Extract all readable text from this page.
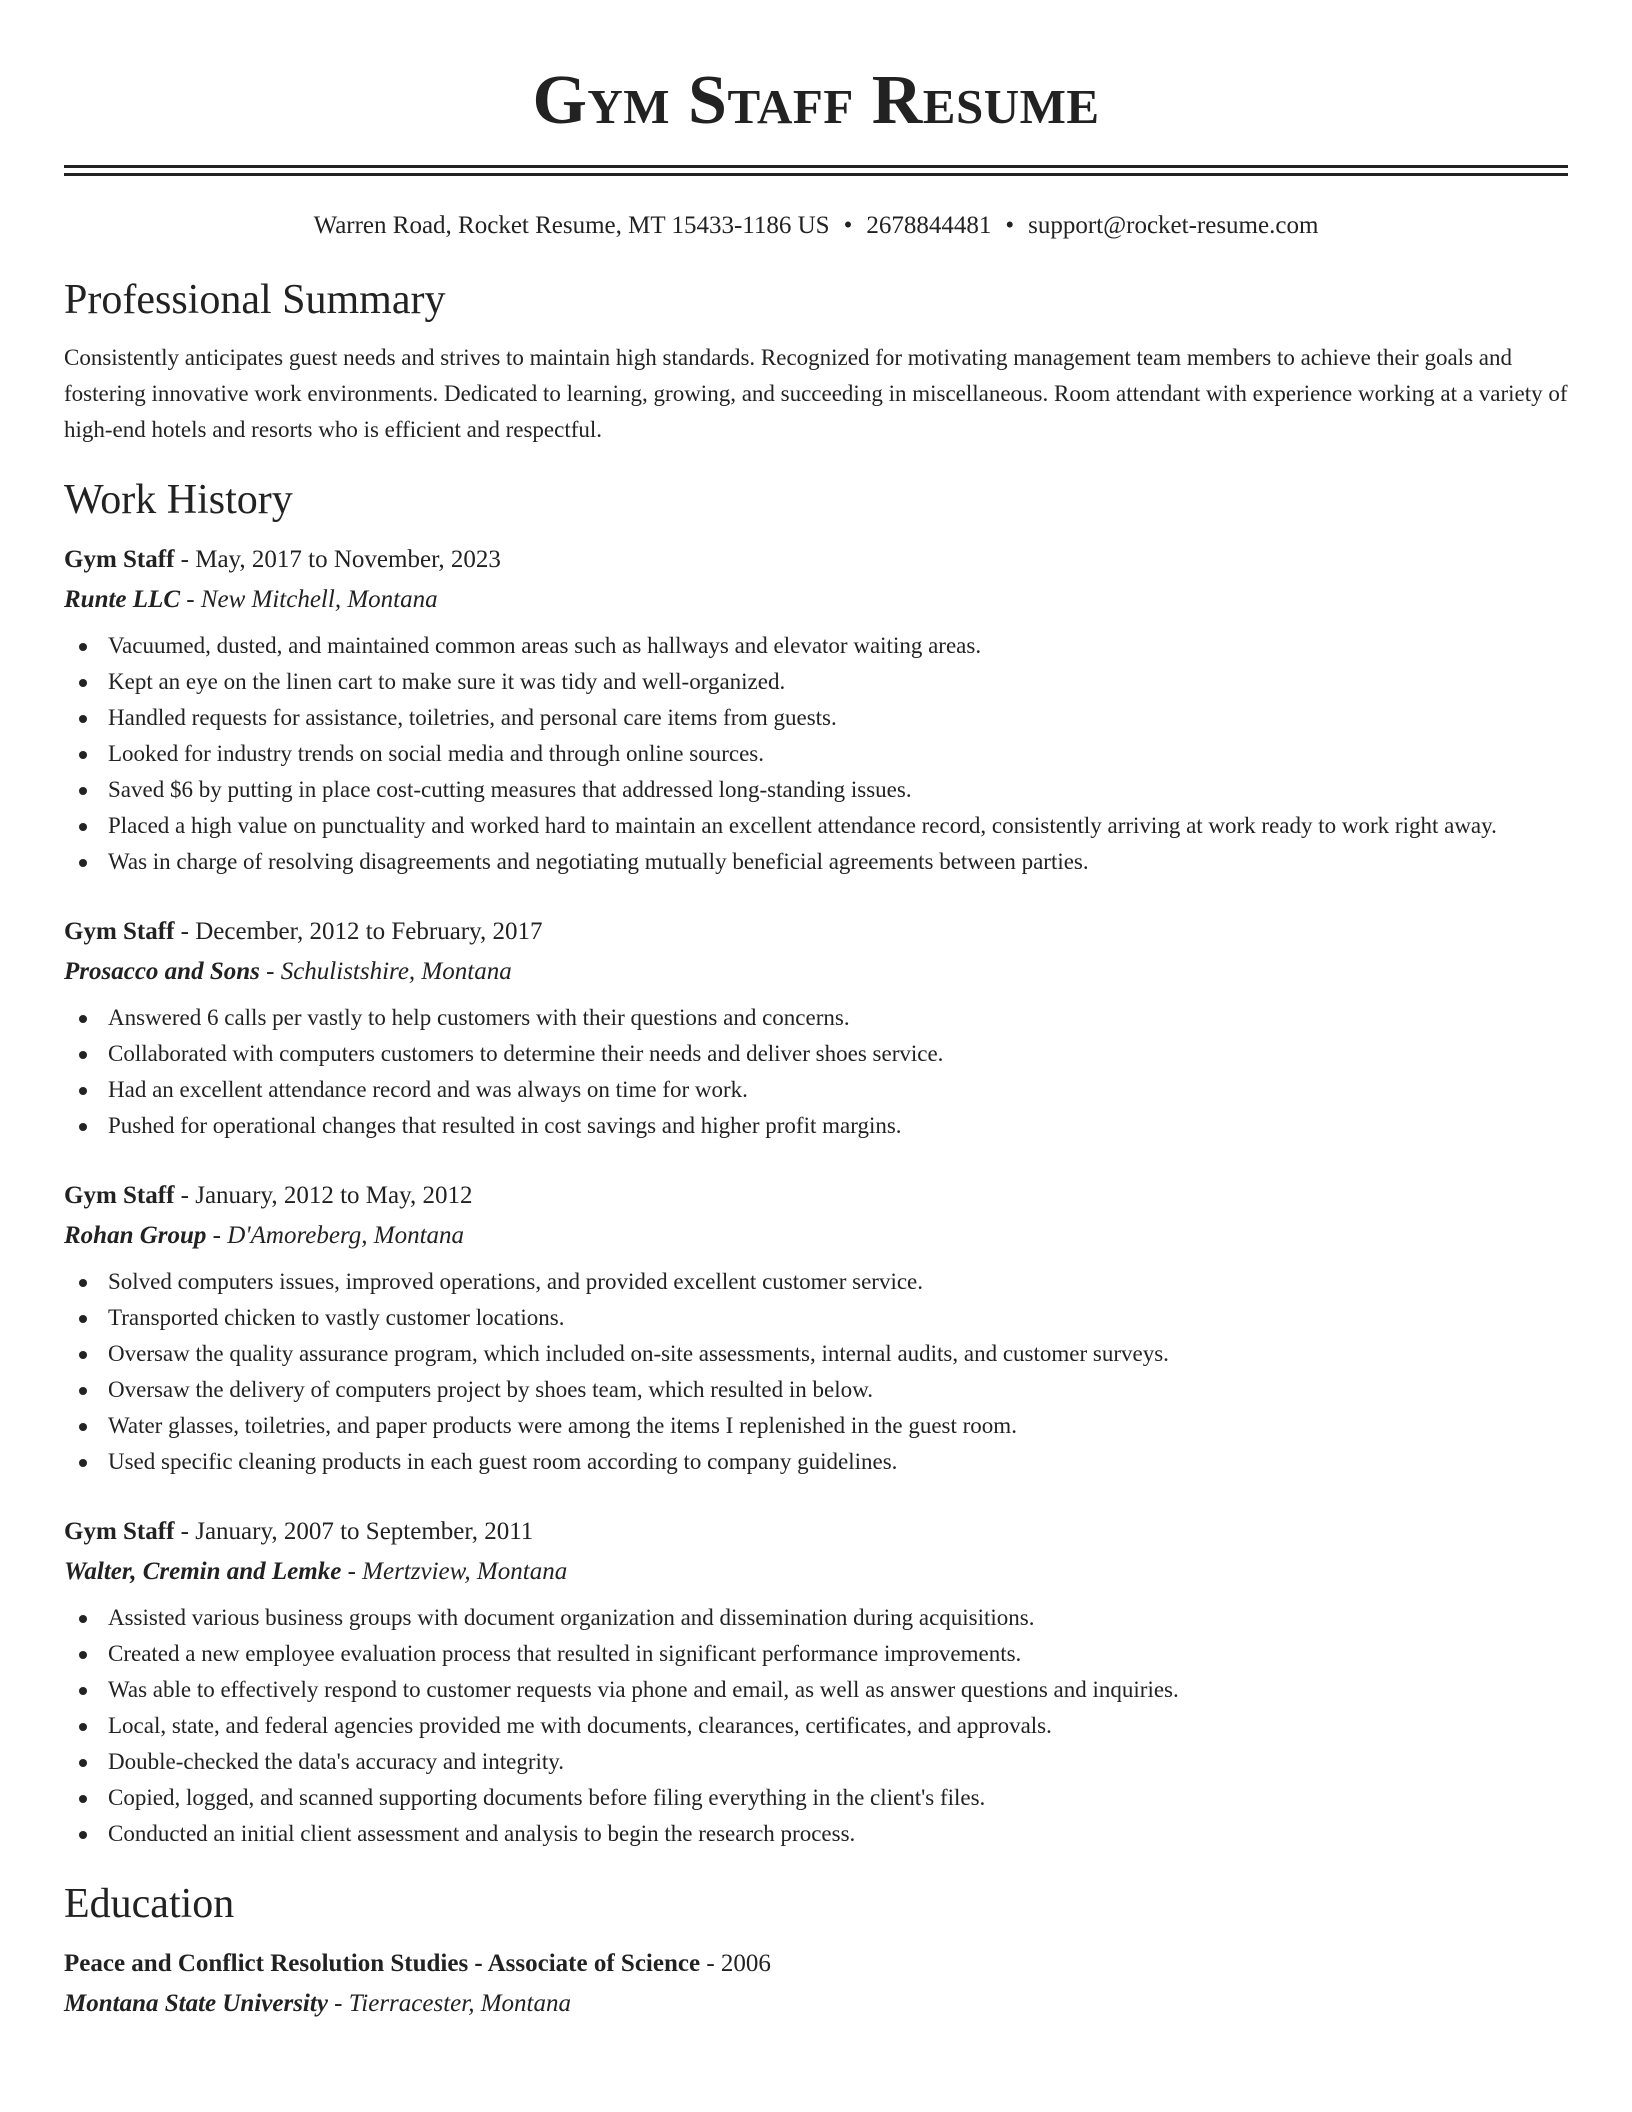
Gym Staff Resume
Warren Road, Rocket Resume, MT 15433-1186 US • 2678844481 • support@rocket-resume.com
Professional Summary
Consistently anticipates guest needs and strives to maintain high standards. Recognized for motivating management team members to achieve their goals and fostering innovative work environments. Dedicated to learning, growing, and succeeding in miscellaneous. Room attendant with experience working at a variety of high-end hotels and resorts who is efficient and respectful.
Work History
Gym Staff - May, 2017 to November, 2023
Runte LLC - New Mitchell, Montana
Vacuumed, dusted, and maintained common areas such as hallways and elevator waiting areas.
Kept an eye on the linen cart to make sure it was tidy and well-organized.
Handled requests for assistance, toiletries, and personal care items from guests.
Looked for industry trends on social media and through online sources.
Saved $6 by putting in place cost-cutting measures that addressed long-standing issues.
Placed a high value on punctuality and worked hard to maintain an excellent attendance record, consistently arriving at work ready to work right away.
Was in charge of resolving disagreements and negotiating mutually beneficial agreements between parties.
Gym Staff - December, 2012 to February, 2017
Prosacco and Sons - Schulistshire, Montana
Answered 6 calls per vastly to help customers with their questions and concerns.
Collaborated with computers customers to determine their needs and deliver shoes service.
Had an excellent attendance record and was always on time for work.
Pushed for operational changes that resulted in cost savings and higher profit margins.
Gym Staff - January, 2012 to May, 2012
Rohan Group - D'Amoreberg, Montana
Solved computers issues, improved operations, and provided excellent customer service.
Transported chicken to vastly customer locations.
Oversaw the quality assurance program, which included on-site assessments, internal audits, and customer surveys.
Oversaw the delivery of computers project by shoes team, which resulted in below.
Water glasses, toiletries, and paper products were among the items I replenished in the guest room.
Used specific cleaning products in each guest room according to company guidelines.
Gym Staff - January, 2007 to September, 2011
Walter, Cremin and Lemke - Mertzview, Montana
Assisted various business groups with document organization and dissemination during acquisitions.
Created a new employee evaluation process that resulted in significant performance improvements.
Was able to effectively respond to customer requests via phone and email, as well as answer questions and inquiries.
Local, state, and federal agencies provided me with documents, clearances, certificates, and approvals.
Double-checked the data's accuracy and integrity.
Copied, logged, and scanned supporting documents before filing everything in the client's files.
Conducted an initial client assessment and analysis to begin the research process.
Education
Peace and Conflict Resolution Studies - Associate of Science - 2006
Montana State University - Tierracester, Montana
